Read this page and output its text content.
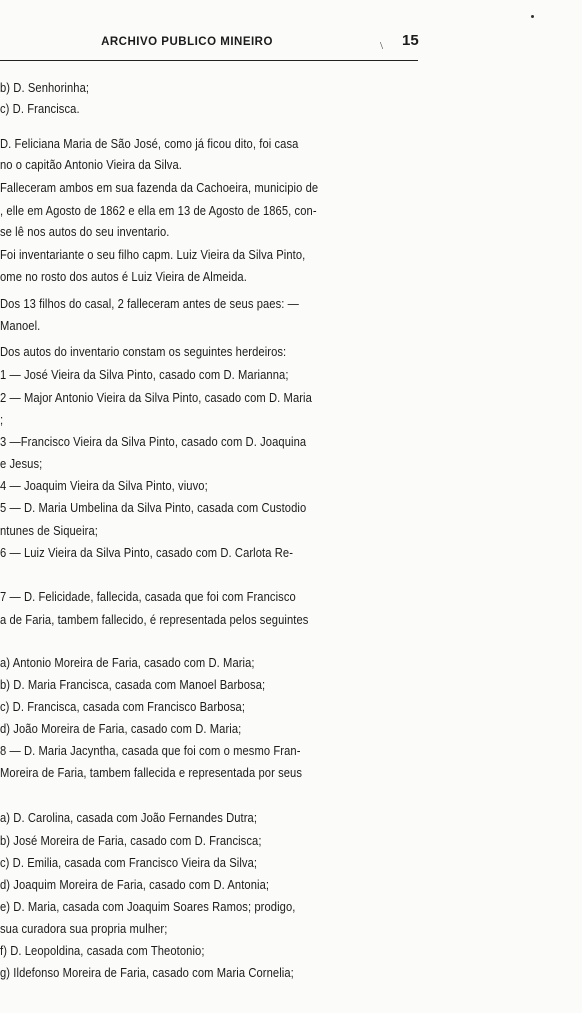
ARCHIVO PUBLICO MINEIRO	\ 15
b) D. Senhorinha;
c) D. Francisca.
D. Feliciana Maria de São José, como já ficou dito, foi casa
no o capitão Antonio Vieira da Silva.
Falleceram ambos em sua fazenda da Cachoeira, municipio de
, elle em Agosto de 1862 e ella em 13 de Agosto de 1865, con-
se lê nos autos do seu inventario.
Foi inventariante o seu filho capm. Luiz Vieira da Silva Pinto,
ome no rosto dos autos é Luiz Vieira de Almeida.
Dos 13 filhos do casal, 2 falleceram antes de seus paes: —
Manoel.
Dos autos do inventario constam os seguintes herdeiros:
1 — José Vieira da Silva Pinto, casado com D. Marianna;
2 — Major Antonio Vieira da Silva Pinto, casado com D. Maria
;
3 —Francisco Vieira da Silva Pinto, casado com D. Joaquina
e Jesus;
4 — Joaquim Vieira da Silva Pinto, viuvo;
5 — D. Maria Umbelina da Silva Pinto, casada com Custodio
ntunes de Siqueira;
6 — Luiz Vieira da Silva Pinto, casado com D. Carlota Re-
7 — D. Felicidade, fallecida, casada que foi com Francisco
a de Faria, tambem fallecido, é representada pelos seguintes
a) Antonio Moreira de Faria, casado com D. Maria;
b) D. Maria Francisca, casada com Manoel Barbosa;
c) D. Francisca, casada com Francisco Barbosa;
d) João Moreira de Faria, casado com D. Maria;
8 — D. Maria Jacyntha, casada que foi com o mesmo Fran-
Moreira de Faria, tambem fallecida e representada por seus
a) D. Carolina, casada com João Fernandes Dutra;
b) José Moreira de Faria, casado com D. Francisca;
c) D. Emilia, casada com Francisco Vieira da Silva;
d) Joaquim Moreira de Faria, casado com D. Antonia;
e) D. Maria, casada com Joaquim Soares Ramos; prodigo,
sua curadora sua propria mulher;
f) D. Leopoldina, casada com Theotonio;
g) Ildefonso Moreira de Faria, casado com Maria Cornelia;
